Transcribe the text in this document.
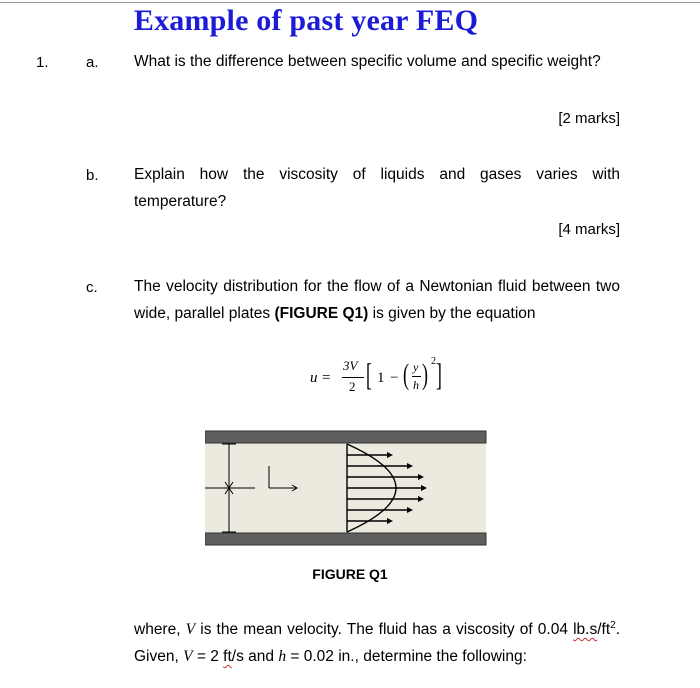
Example of past year FEQ
1. a. What is the difference between specific volume and specific weight?
[2 marks]
b. Explain how the viscosity of liquids and gases varies with temperature?
[4 marks]
c. The velocity distribution for the flow of a Newtonian fluid between two wide, parallel plates (FIGURE Q1) is given by the equation
u =
3V
2 [ 1 − ( y
h ) 2 ]
FIGURE Q1
where, V is the mean velocity. The fluid has a viscosity of 0.04 $lb.s/ft^2$. Given, V = 2 ft/s and h = 0.02 in., determine the following:
